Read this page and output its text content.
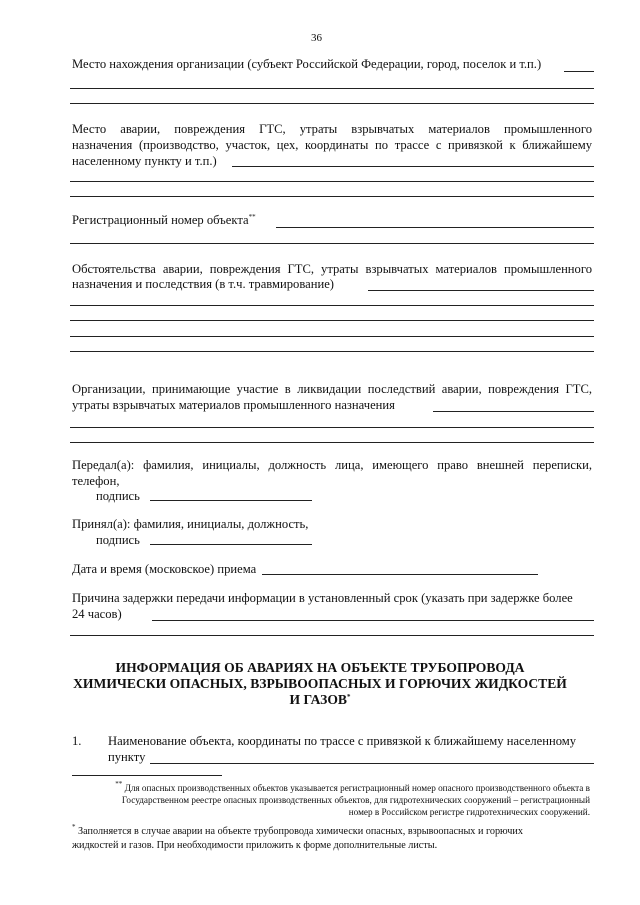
36
Место нахождения организации (субъект Российской Федерации, город, поселок и т.п.)
Место аварии, повреждения ГТС, утраты взрывчатых материалов промышленного
назначения (производство, участок, цех, координаты по трассе с привязкой к ближайшему
населенному пункту и т.п.)
Регистрационный номер объекта**
Обстоятельства аварии, повреждения ГТС, утраты взрывчатых материалов промышленного
назначения и последствия (в т.ч. травмирование)
Организации, принимающие участие в ликвидации последствий аварии, повреждения ГТС,
утраты взрывчатых материалов промышленного назначения
Передал(а): фамилия, инициалы, должность лица, имеющего право внешней переписки,
телефон,
подпись
Принял(а): фамилия, инициалы, должность,
подпись
Дата и время (московское) приема
Причина задержки передачи информации в установленный срок (указать при задержке более
24 часов)
ИНФОРМАЦИЯ ОБ АВАРИЯХ НА ОБЪЕКТЕ ТРУБОПРОВОДА
ХИМИЧЕСКИ ОПАСНЫХ, ВЗРЫВООПАСНЫХ И ГОРЮЧИХ ЖИДКОСТЕЙ
И ГАЗОВ*
1. Наименование объекта, координаты по трассе с привязкой к ближайшему населенному
пункту
** Для опасных производственных объектов указывается регистрационный номер опасного производственного объекта в
Государственном реестре опасных производственных объектов, для гидротехнических сооружений – регистрационный
номер в Российском регистре гидротехнических сооружений.
* Заполняется в случае аварии на объекте трубопровода химически опасных, взрывоопасных и горючих
жидкостей и газов. При необходимости приложить к форме дополнительные листы.
